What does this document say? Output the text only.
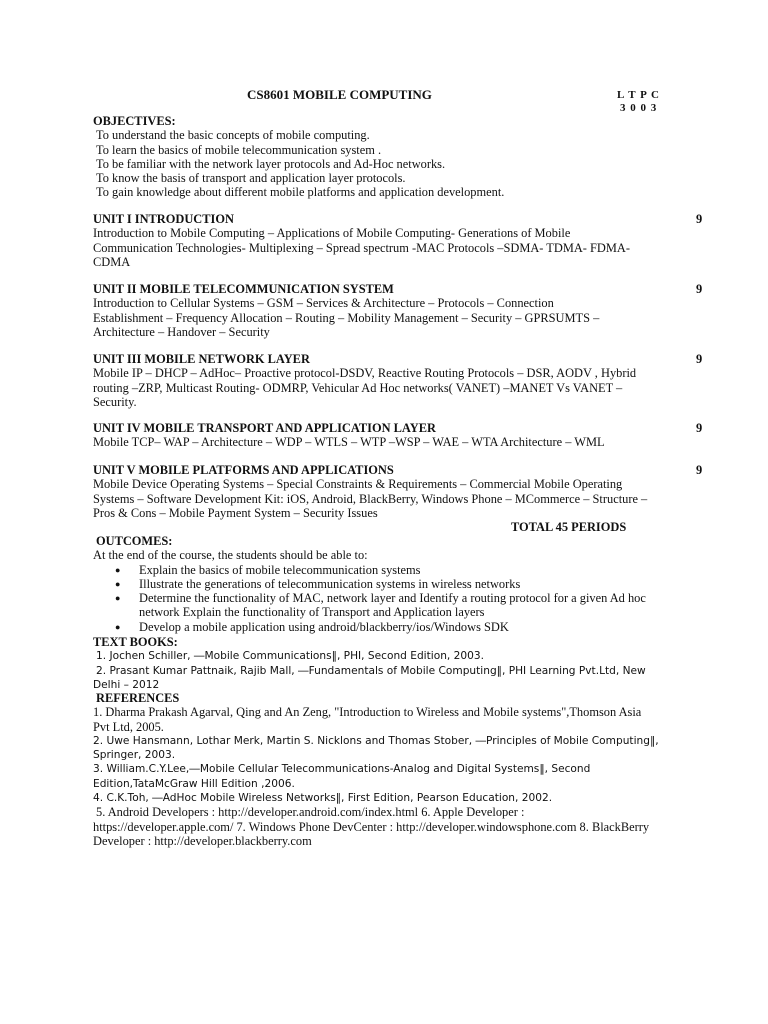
CS8601 MOBILE COMPUTING	L T P C
3 0 0 3
OBJECTIVES:
To understand the basic concepts of mobile computing.
To learn the basics of mobile telecommunication system .
To be familiar with the network layer protocols and Ad-Hoc networks.
To know the basis of transport and application layer protocols.
To gain knowledge about different mobile platforms and application development.
UNIT I INTRODUCTION	9
Introduction to Mobile Computing – Applications of Mobile Computing- Generations of Mobile
Communication Technologies- Multiplexing – Spread spectrum -MAC Protocols –SDMA- TDMA- FDMA-
CDMA
UNIT II MOBILE TELECOMMUNICATION SYSTEM	9
Introduction to Cellular Systems – GSM – Services & Architecture – Protocols – Connection
Establishment – Frequency Allocation – Routing – Mobility Management – Security – GPRSUMTS –
Architecture – Handover – Security
UNIT III MOBILE NETWORK LAYER	9
Mobile IP – DHCP – AdHoc– Proactive protocol-DSDV, Reactive Routing Protocols – DSR, AODV , Hybrid
routing –ZRP, Multicast Routing- ODMRP, Vehicular Ad Hoc networks( VANET) –MANET Vs VANET –
Security.
UNIT IV MOBILE TRANSPORT AND APPLICATION LAYER	9
Mobile TCP– WAP – Architecture – WDP – WTLS – WTP –WSP – WAE – WTA Architecture – WML
UNIT V MOBILE PLATFORMS AND APPLICATIONS	9
Mobile Device Operating Systems – Special Constraints & Requirements – Commercial Mobile Operating
Systems – Software Development Kit: iOS, Android, BlackBerry, Windows Phone – MCommerce – Structure –
Pros & Cons – Mobile Payment System – Security Issues
TOTAL 45 PERIODS
OUTCOMES:
At the end of the course, the students should be able to:
● Explain the basics of mobile telecommunication systems
● Illustrate the generations of telecommunication systems in wireless networks
● Determine the functionality of MAC, network layer and Identify a routing protocol for a given Ad hoc
network Explain the functionality of Transport and Application layers
● Develop a mobile application using android/blackberry/ios/Windows SDK
TEXT BOOKS:
1. Jochen Schiller, ―Mobile Communications‖, PHI, Second Edition, 2003.
2. Prasant Kumar Pattnaik, Rajib Mall, ―Fundamentals of Mobile Computing‖, PHI Learning Pvt.Ltd, New
Delhi – 2012
REFERENCES
1. Dharma Prakash Agarval, Qing and An Zeng, "Introduction to Wireless and Mobile systems",Thomson Asia
Pvt Ltd, 2005.
2. Uwe Hansmann, Lothar Merk, Martin S. Nicklons and Thomas Stober, ―Principles of Mobile Computing‖,
Springer, 2003.
3. William.C.Y.Lee,―Mobile Cellular Telecommunications-Analog and Digital Systems‖, Second
Edition,TataMcGraw Hill Edition ,2006.
4. C.K.Toh, ―AdHoc Mobile Wireless Networks‖, First Edition, Pearson Education, 2002.
5. Android Developers : http://developer.android.com/index.html 6. Apple Developer :
https://developer.apple.com/ 7. Windows Phone DevCenter : http://developer.windowsphone.com 8. BlackBerry
Developer : http://developer.blackberry.com
